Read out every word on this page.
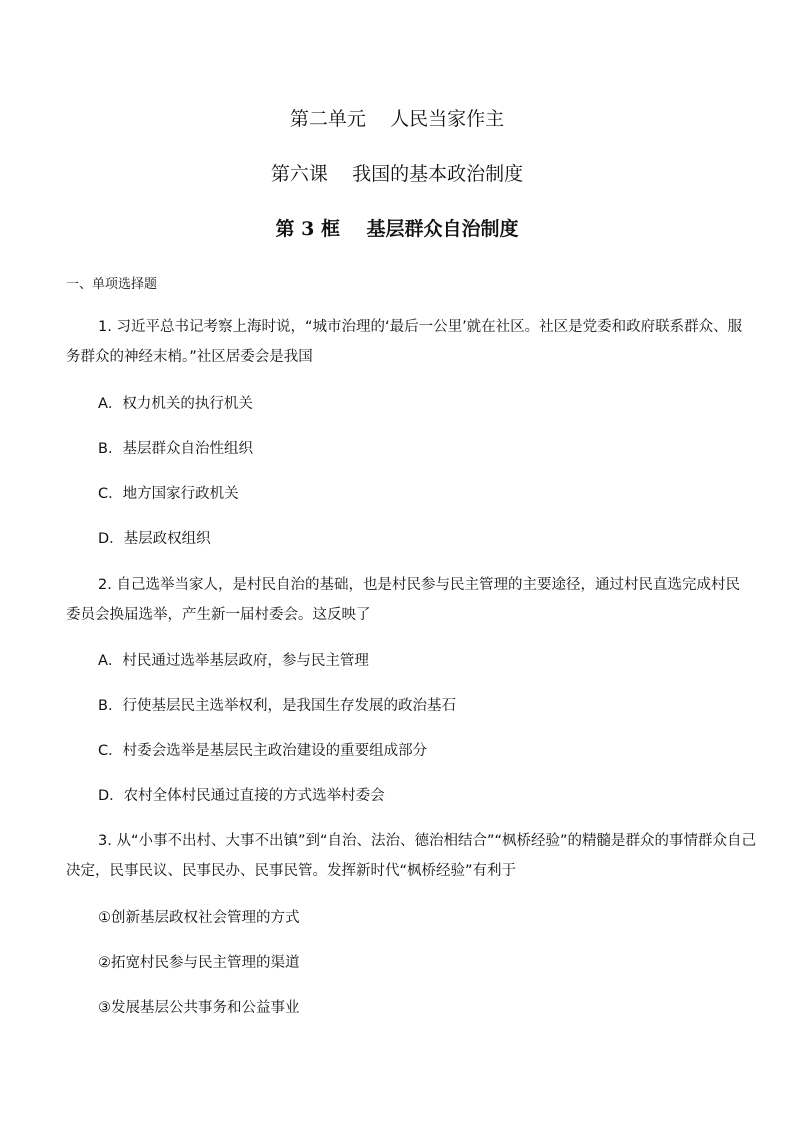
第二单元    人民当家作主
第六课    我国的基本政治制度
第 3 框    基层群众自治制度
一、单项选择题
1. 习近平总书记考察上海时说，“城市治理的‘最后一公里’就在社区。社区是党委和政府联系群众、服
务群众的神经末梢。”社区居委会是我国
A．权力机关的执行机关
B．基层群众自治性组织
C．地方国家行政机关
D．基层政权组织
2. 自己选举当家人，是村民自治的基础，也是村民参与民主管理的主要途径，通过村民直选完成村民
委员会换届选举，产生新一届村委会。这反映了
A．村民通过选举基层政府，参与民主管理
B．行使基层民主选举权利，是我国生存发展的政治基石
C．村委会选举是基层民主政治建设的重要组成部分
D．农村全体村民通过直接的方式选举村委会
3. 从“小事不出村、大事不出镇”到“自治、法治、德治相结合”“枫桥经验”的精髓是群众的事情群众自己
决定，民事民议、民事民办、民事民管。发挥新时代“枫桥经验”有利于
①创新基层政权社会管理的方式
②拓宽村民参与民主管理的渠道
③发展基层公共事务和公益事业
